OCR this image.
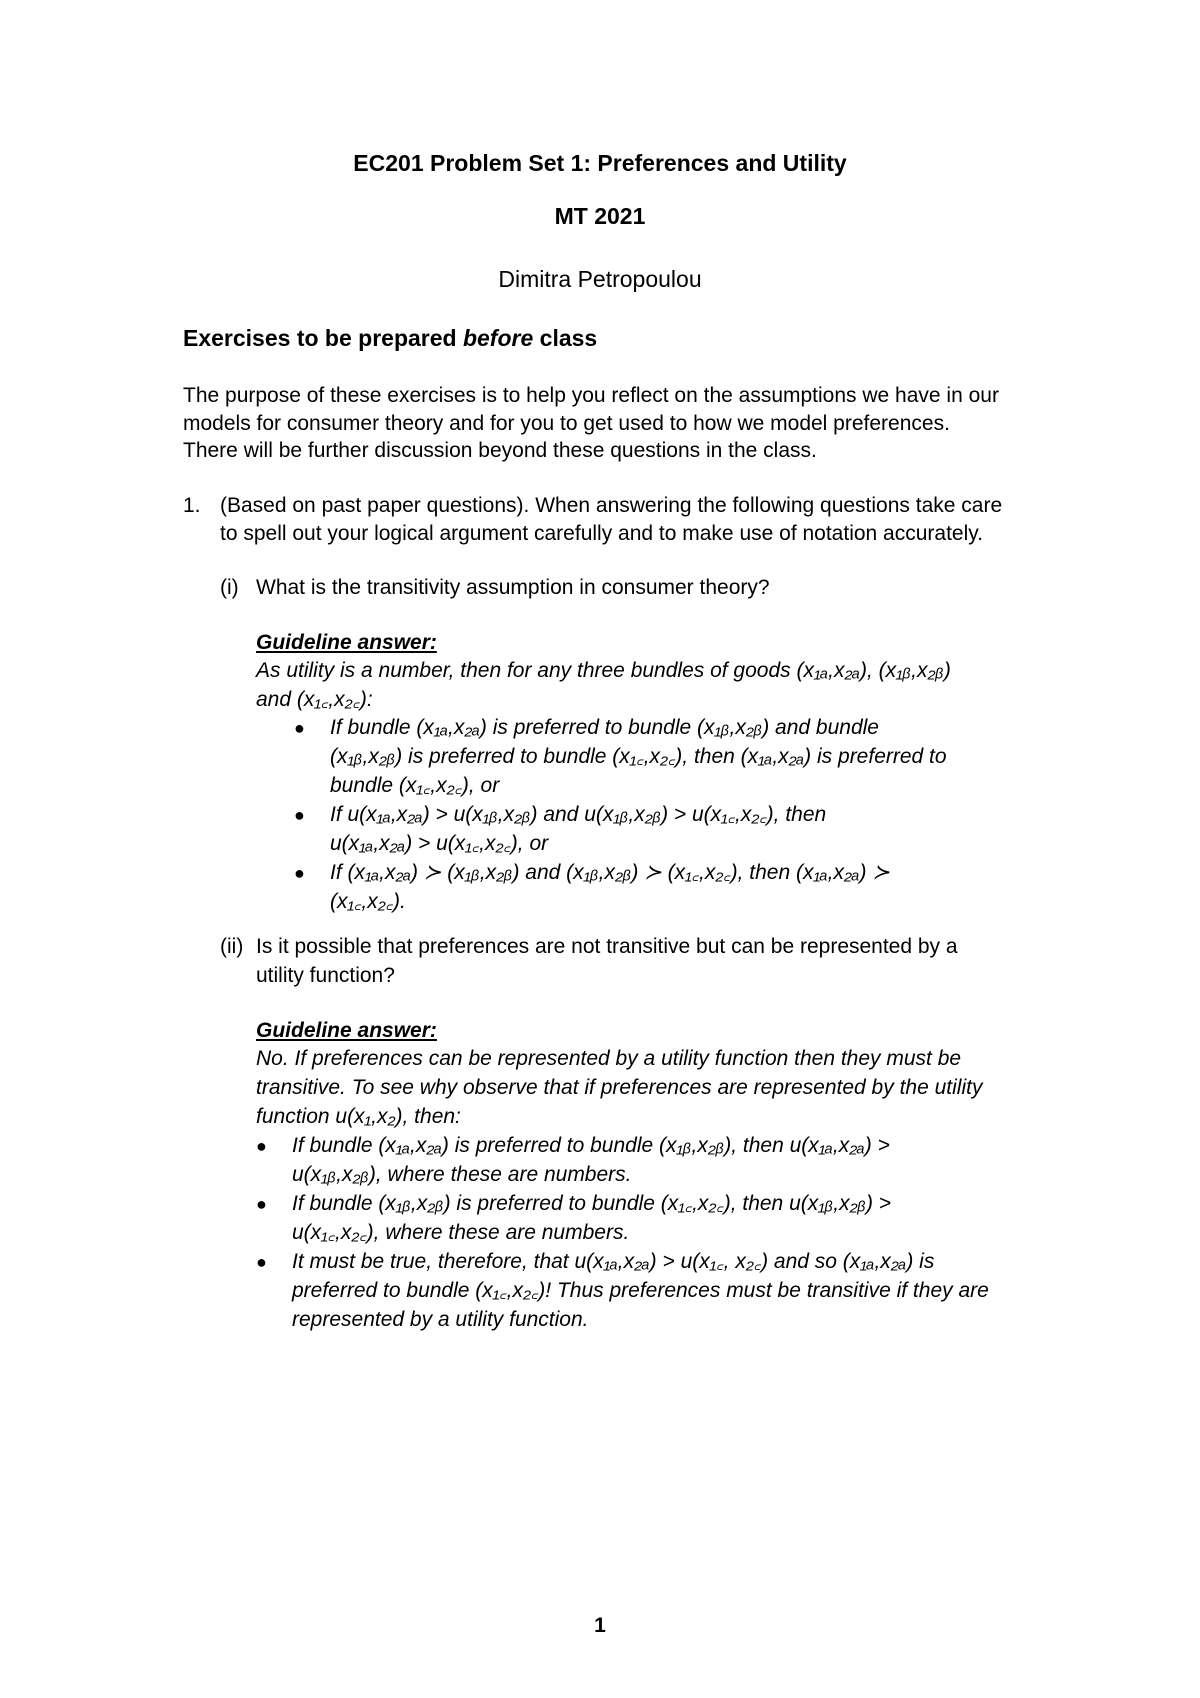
EC201 Problem Set 1: Preferences and Utility
MT 2021
Dimitra Petropoulou
Exercises to be prepared before class
The purpose of these exercises is to help you reflect on the assumptions we have in our
models for consumer theory and for you to get used to how we model preferences.
There will be further discussion beyond these questions in the class.
1. (Based on past paper questions). When answering the following questions take care
to spell out your logical argument carefully and to make use of notation accurately.
(i) What is the transitivity assumption in consumer theory?
Guideline answer:
As utility is a number, then for any three bundles of goods (x₁ₐ,x₂ₐ), (x₁ᵦ,x₂ᵦ)
and (x₁꜀,x₂꜀):
● If bundle (x₁ₐ,x₂ₐ) is preferred to bundle (x₁ᵦ,x₂ᵦ) and bundle
(x₁ᵦ,x₂ᵦ) is preferred to bundle (x₁꜀,x₂꜀), then (x₁ₐ,x₂ₐ) is preferred to
bundle (x₁꜀,x₂꜀), or
● If u(x₁ₐ,x₂ₐ) > u(x₁ᵦ,x₂ᵦ) and u(x₁ᵦ,x₂ᵦ) > u(x₁꜀,x₂꜀), then
u(x₁ₐ,x₂ₐ) > u(x₁꜀,x₂꜀), or
● If (x₁ₐ,x₂ₐ) ≻ (x₁ᵦ,x₂ᵦ) and (x₁ᵦ,x₂ᵦ) ≻ (x₁꜀,x₂꜀), then (x₁ₐ,x₂ₐ) ≻
(x₁꜀,x₂꜀).
(ii) Is it possible that preferences are not transitive but can be represented by a
utility function?
Guideline answer:
No. If preferences can be represented by a utility function then they must be
transitive. To see why observe that if preferences are represented by the utility
function u(x₁,x₂), then:
● If bundle (x₁ₐ,x₂ₐ) is preferred to bundle (x₁ᵦ,x₂ᵦ), then u(x₁ₐ,x₂ₐ) >
u(x₁ᵦ,x₂ᵦ), where these are numbers.
● If bundle (x₁ᵦ,x₂ᵦ) is preferred to bundle (x₁꜀,x₂꜀), then u(x₁ᵦ,x₂ᵦ) >
u(x₁꜀,x₂꜀), where these are numbers.
● It must be true, therefore, that u(x₁ₐ,x₂ₐ) > u(x₁꜀, x₂꜀) and so (x₁ₐ,x₂ₐ) is
preferred to bundle (x₁꜀,x₂꜀)! Thus preferences must be transitive if they are
represented by a utility function.
1
